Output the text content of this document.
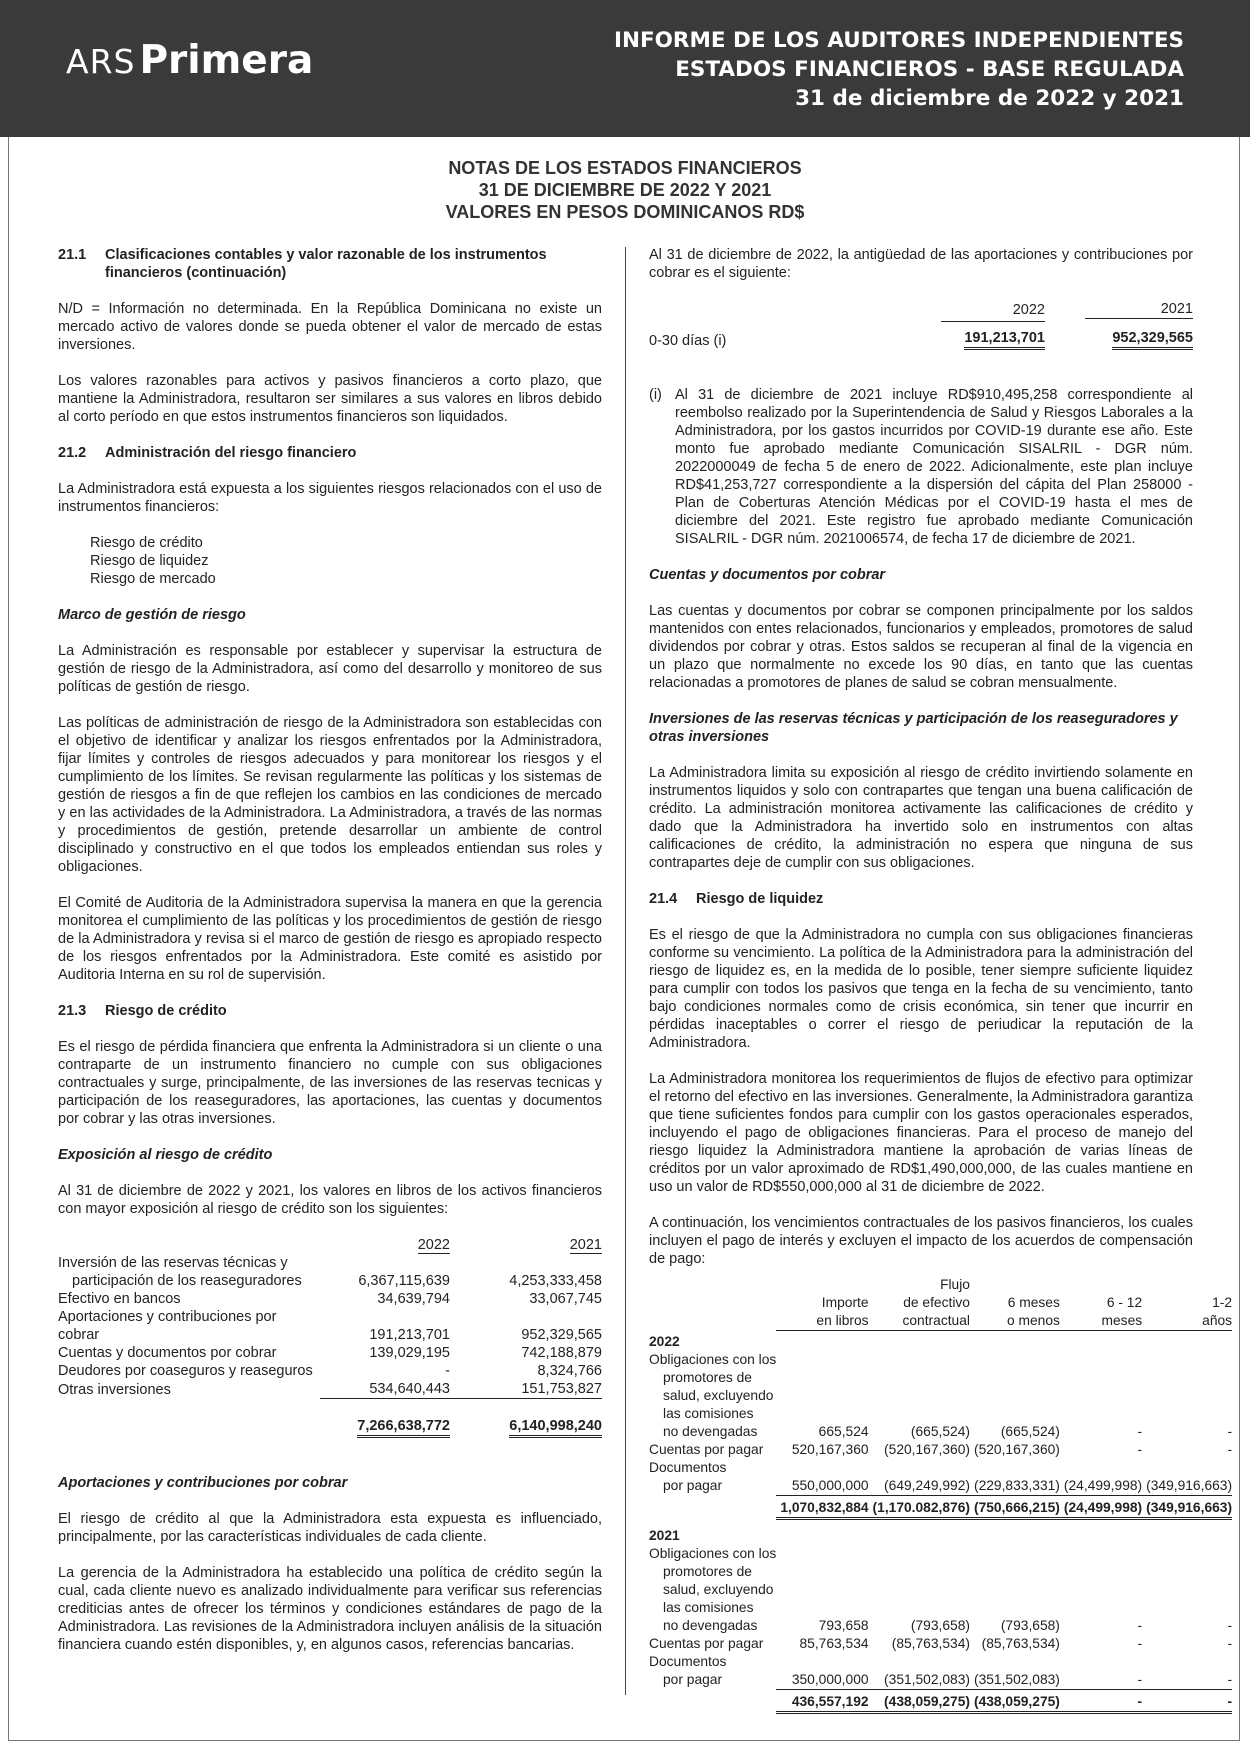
ARS Primera	INFORME DE LOS AUDITORES INDEPENDIENTES
ESTADOS FINANCIEROS - BASE REGULADA
31 de diciembre de 2022 y 2021
NOTAS DE LOS ESTADOS FINANCIEROS
31 DE DICIEMBRE DE 2022 Y 2021
VALORES EN PESOS DOMINICANOS RD$
21.1	Clasificaciones contables y valor razonable de los instrumentos financieros (continuación)

N/D = Información no determinada. En la República Dominicana no existe un mercado activo de valores donde se pueda obtener el valor de mercado de estas inversiones.

Los valores razonables para activos y pasivos financieros a corto plazo, que mantiene la Administradora, resultaron ser similares a sus valores en libros debido al corto período en que estos instrumentos financieros son liquidados.

21.2	Administración del riesgo financiero

La Administradora está expuesta a los siguientes riesgos relacionados con el uso de instrumentos financieros:

Riesgo de crédito
Riesgo de liquidez
Riesgo de mercado
Marco de gestión de riesgo

La Administración es responsable por establecer y supervisar la estructura de gestión de riesgo de la Administradora, así como del desarrollo y monitoreo de sus políticas de gestión de riesgo.

Las políticas de administración de riesgo de la Administradora son establecidas con el objetivo de identificar y analizar los riesgos enfrentados por la Administradora, fijar límites y controles de riesgos adecuados y para monitorear los riesgos y el cumplimiento de los límites. Se revisan regularmente las políticas y los sistemas de gestión de riesgos a fin de que reflejen los cambios en las condiciones de mercado y en las actividades de la Administradora. La Administradora, a través de las normas y procedimientos de gestión, pretende desarrollar un ambiente de control disciplinado y constructivo en el que todos los empleados entiendan sus roles y obligaciones.

El Comité de Auditoria de la Administradora supervisa la manera en que la gerencia monitorea el cumplimiento de las políticas y los procedimientos de gestión de riesgo de la Administradora y revisa si el marco de gestión de riesgo es apropiado respecto de los riesgos enfrentados por la Administradora. Este comité es asistido por Auditoria Interna en su rol de supervisión.

21.3	Riesgo de crédito

Es el riesgo de pérdida financiera que enfrenta la Administradora si un cliente o una contraparte de un instrumento financiero no cumple con sus obligaciones contractuales y surge, principalmente, de las inversiones de las reservas tecnicas y participación de los reaseguradores, las aportaciones, las cuentas y documentos por cobrar y las otras inversiones.

Exposición al riesgo de crédito

Al 31 de diciembre de 2022 y 2021, los valores en libros de los activos financieros con mayor exposición al riesgo de crédito son los siguientes:

	2022	2021
Inversión de las reservas técnicas y		
participación de los reaseguradores	6,367,115,639	4,253,333,458
Efectivo en bancos	34,639,794	33,067,745
Aportaciones y contribuciones por cobrar	191,213,701	952,329,565
Cuentas y documentos por cobrar	139,029,195	742,188,879
Deudores por coaseguros y reaseguros	-	8,324,766
Otras inversiones	534,640,443	151,753,827

	7,266,638,772	6,140,998,240
Aportaciones y contribuciones por cobrar

El riesgo de crédito al que la Administradora esta expuesta es influenciado, principalmente, por las características individuales de cada cliente.

La gerencia de la Administradora ha establecido una política de crédito según la cual, cada cliente nuevo es analizado individualmente para verificar sus referencias crediticias antes de ofrecer los términos y condiciones estándares de pago de la Administradora. Las revisiones de la Administradora incluyen análisis de la situación financiera cuando estén disponibles, y, en algunos casos, referencias bancarias.

Al 31 de diciembre de 2022, la antigüedad de las aportaciones y contribuciones por cobrar es el siguiente:

	2022	2021

0-30 días (i)	191,213,701	952,329,565
(i) Al 31 de diciembre de 2021 incluye RD$910,495,258 correspondiente al reembolso realizado por la Superintendencia de Salud y Riesgos Laborales a la Administradora, por los gastos incurridos por COVID-19 durante ese año. Este monto fue aprobado mediante Comunicación SISALRIL - DGR núm. 2022000049 de fecha 5 de enero de 2022. Adicionalmente, este plan incluye RD$41,253,727 correspondiente a la dispersión del cápita del Plan 258000 - Plan de Coberturas Atención Médicas por el COVID-19 hasta el mes de diciembre del 2021. Este registro fue aprobado mediante Comunicación SISALRIL - DGR núm. 2021006574, de fecha 17 de diciembre de 2021.
Cuentas y documentos por cobrar

Las cuentas y documentos por cobrar se componen principalmente por los saldos mantenidos con entes relacionados, funcionarios y empleados, promotores de salud dividendos por cobrar y otras. Estos saldos se recuperan al final de la vigencia en un plazo que normalmente no excede los 90 días, en tanto que las cuentas relacionadas a promotores de planes de salud se cobran mensualmente.

Inversiones de las reservas técnicas y participación de los reaseguradores y otras inversiones

La Administradora limita su exposición al riesgo de crédito invirtiendo solamente en instrumentos liquidos y solo con contrapartes que tengan una buena calificación de crédito. La administración monitorea activamente las calificaciones de crédito y dado que la Administradora ha invertido solo en instrumentos con altas calificaciones de crédito, la administración no espera que ninguna de sus contrapartes deje de cumplir con sus obligaciones.

21.4	Riesgo de liquidez

Es el riesgo de que la Administradora no cumpla con sus obligaciones financieras conforme su vencimiento. La política de la Administradora para la administración del riesgo de liquidez es, en la medida de lo posible, tener siempre suficiente liquidez para cumplir con todos los pasivos que tenga en la fecha de su vencimiento, tanto bajo condiciones normales como de crisis económica, sin tener que incurrir en pérdidas inaceptables o correr el riesgo de periudicar la reputación de la Administradora.

La Administradora monitorea los requerimientos de flujos de efectivo para optimizar el retorno del efectivo en las inversiones. Generalmente, la Administradora garantiza que tiene suficientes fondos para cumplir con los gastos operacionales esperados, incluyendo el pago de obligaciones financieras. Para el proceso de manejo del riesgo liquidez la Administradora mantiene la aprobación de varias líneas de créditos por un valor aproximado de RD$1,490,000,000, de las cuales mantiene en uso un valor de RD$550,000,000 al 31 de diciembre de 2022.

A continuación, los vencimientos contractuales de los pasivos financieros, los cuales incluyen el pago de interés y excluyen el impacto de los acuerdos de compensación de pago:

		Flujo			
	Importe	de efectivo	6 meses	6 - 12	1-2
	en libros	contractual	o menos	meses	años
2022					
Obligaciones con los					
promotores de					
salud, excluyendo					
las comisiones					
no devengadas	665,524	(665,524)	(665,524)	-	-
Cuentas por pagar	520,167,360	(520,167,360)	(520,167,360)	-	-
Documentos					
por pagar	550,000,000	(649,249,992)	(229,833,331)	(24,499,998)	(349,916,663)

	1,070,832,884	(1,170.082,876)	(750,666,215)	(24,499,998)	(349,916,663)
2021					
Obligaciones con los					
promotores de					
salud, excluyendo					
las comisiones					
no devengadas	793,658	(793,658)	(793,658)	-	-
Cuentas por pagar	85,763,534	(85,763,534)	(85,763,534)	-	-
Documentos					
por pagar	350,000,000	(351,502,083)	(351,502,083)	-	-

	436,557,192	(438,059,275)	(438,059,275)	-	-
